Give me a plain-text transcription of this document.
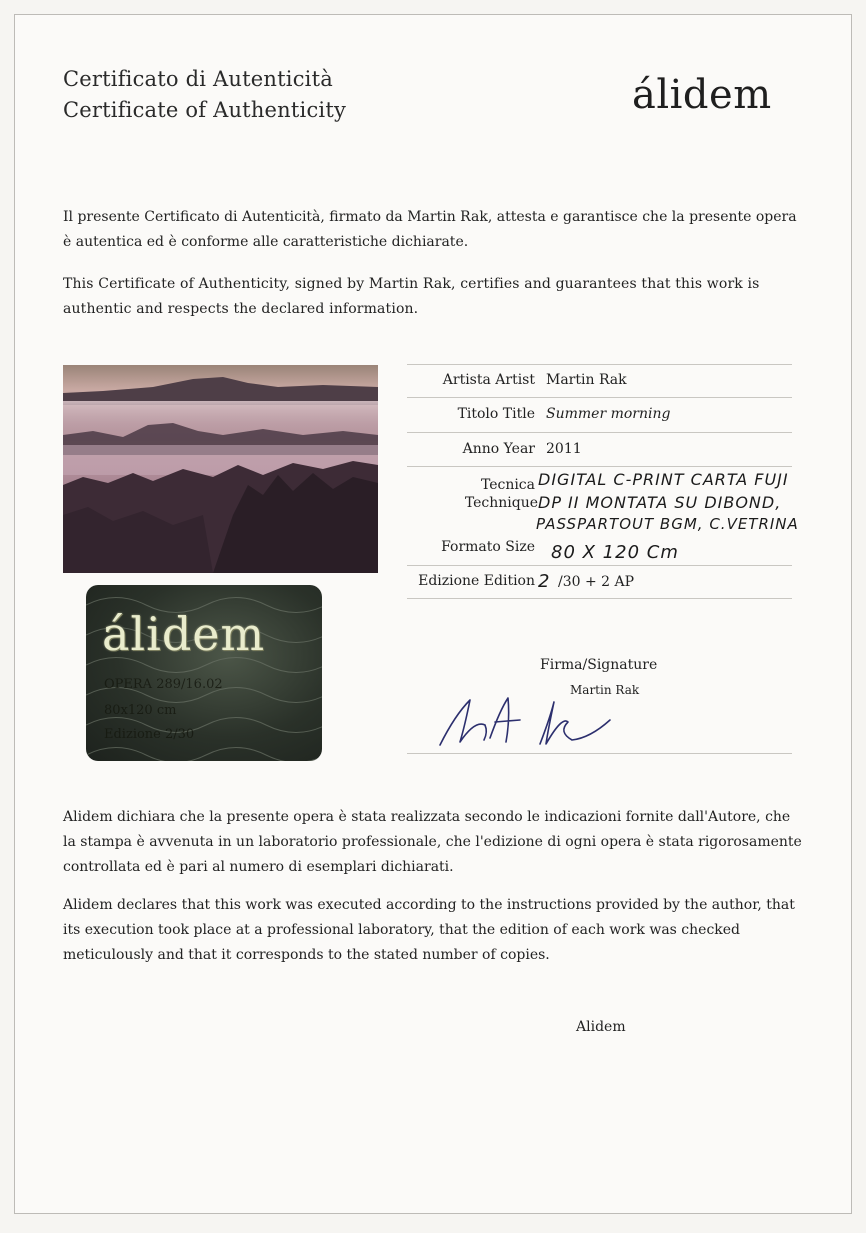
Certificato di Autenticità
Certificate of Authenticity	álidem
Il presente Certificato di Autenticità, firmato da Martin Rak, attesta e garantisce che la presente opera è autentica ed è conforme alle caratteristiche dichiarate.
This Certificate of Authenticity, signed by Martin Rak, certifies and guarantees that this work is authentic and respects the declared information.
álidem
OPERA 289/16.02
80x120 cm
Edizione 2/30
Artista Artist Martin Rak
Titolo Title Summer morning
Anno Year 2011
Tecnica
Technique
DIGITAL C-PRINT CARTA FUJI
DP II MONTATA SU DIBOND,
PASSPARTOUT BGM, C.VETRINA
Formato Size 80 X 120 Cm
Edizione Edition 2 /30 + 2 AP
Firma/Signature
Martin Rak
Alidem dichiara che la presente opera è stata realizzata secondo le indicazioni fornite dall'Autore, che la stampa è avvenuta in un laboratorio professionale, che l'edizione di ogni opera è stata rigorosamente controllata ed è pari al numero di esemplari dichiarati.
Alidem declares that this work was executed according to the instructions provided by the author, that its execution took place at a professional laboratory, that the edition of each work was checked meticulously and that it corresponds to the stated number of copies.
Alidem
